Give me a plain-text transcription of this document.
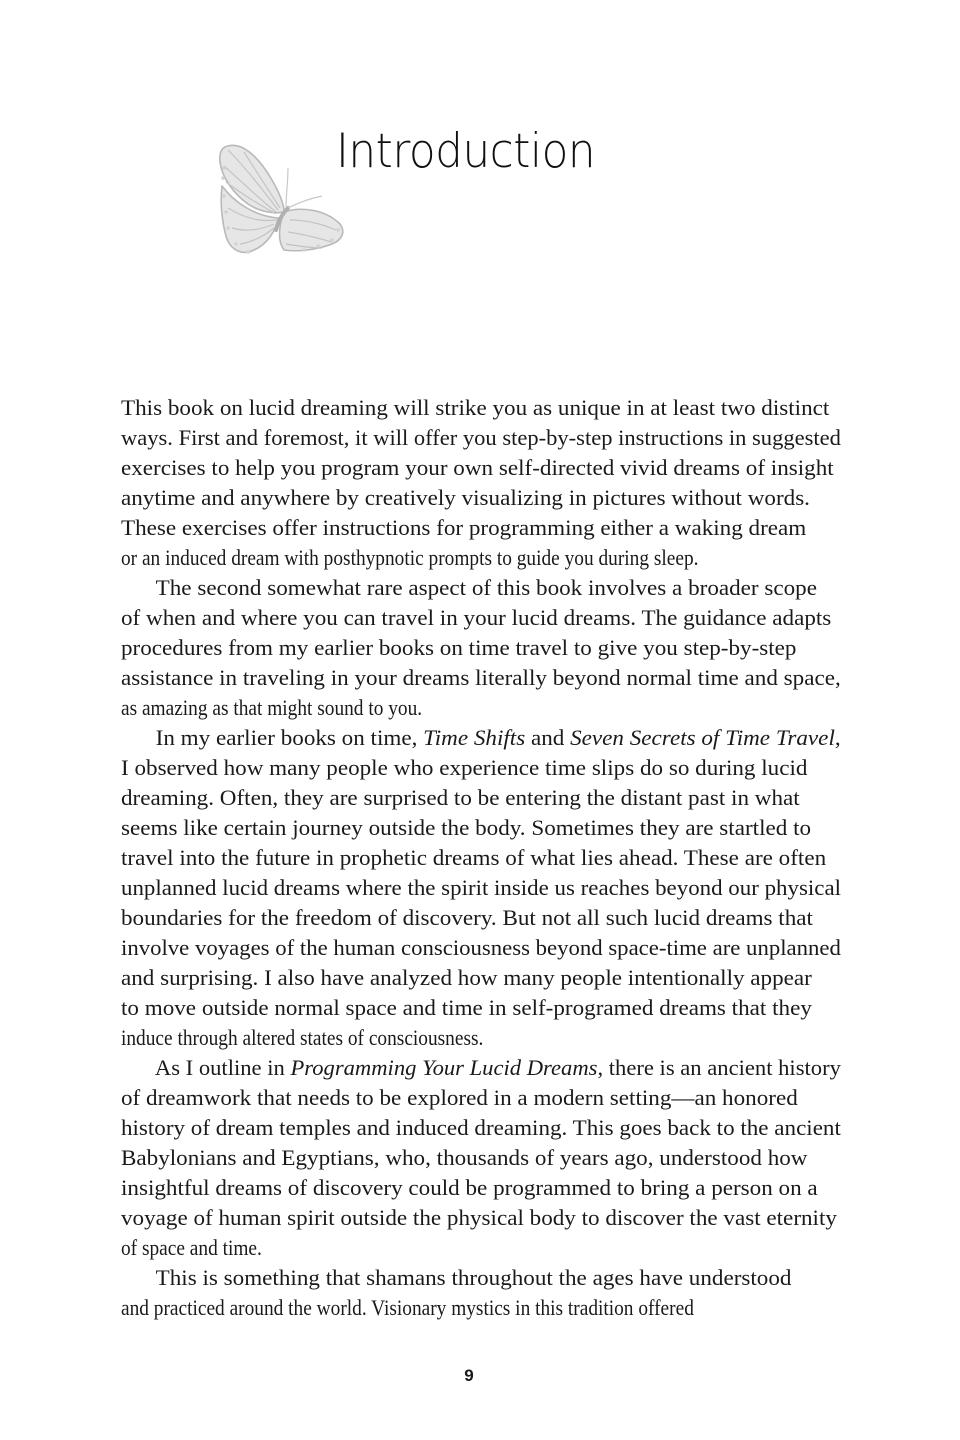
Introduction
This book on lucid dreaming will strike you as unique in at least two distinct
ways. First and foremost, it will offer you step-by-step instructions in suggested
exercises to help you program your own self-directed vivid dreams of insight
anytime and anywhere by creatively visualizing in pictures without words.
These exercises offer instructions for programming either a waking dream
or an induced dream with posthypnotic prompts to guide you during sleep.
The second somewhat rare aspect of this book involves a broader scope
of when and where you can travel in your lucid dreams. The guidance adapts
procedures from my earlier books on time travel to give you step-by-step
assistance in traveling in your dreams literally beyond normal time and space,
as amazing as that might sound to you.
In my earlier books on time, Time Shifts and Seven Secrets of Time Travel,
I observed how many people who experience time slips do so during lucid
dreaming. Often, they are surprised to be entering the distant past in what
seems like certain journey outside the body. Sometimes they are startled to
travel into the future in prophetic dreams of what lies ahead. These are often
unplanned lucid dreams where the spirit inside us reaches beyond our physical
boundaries for the freedom of discovery. But not all such lucid dreams that
involve voyages of the human consciousness beyond space-time are unplanned
and surprising. I also have analyzed how many people intentionally appear
to move outside normal space and time in self-programed dreams that they
induce through altered states of consciousness.
As I outline in Programming Your Lucid Dreams, there is an ancient history
of dreamwork that needs to be explored in a modern setting—an honored
history of dream temples and induced dreaming. This goes back to the ancient
Babylonians and Egyptians, who, thousands of years ago, understood how
insightful dreams of discovery could be programmed to bring a person on a
voyage of human spirit outside the physical body to discover the vast eternity
of space and time.
This is something that shamans throughout the ages have understood
and practiced around the world. Visionary mystics in this tradition offered
9
